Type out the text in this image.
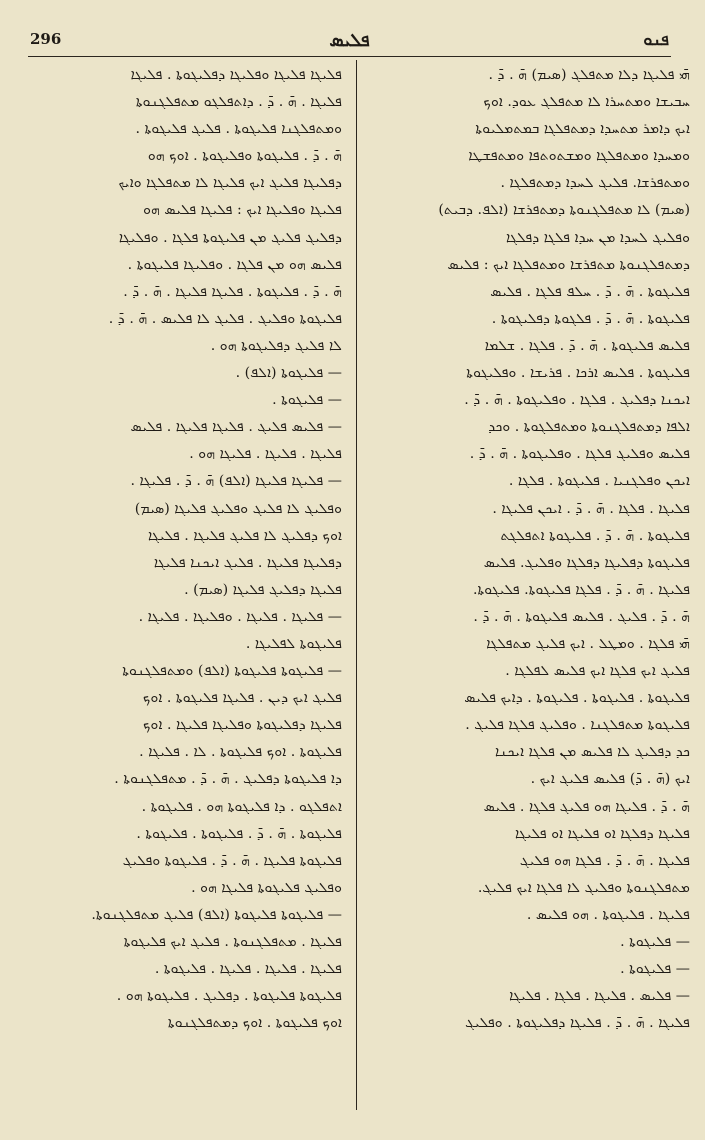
296	ܦܠܝܣ	ܦܢܘ
ܗ̄ܝ ܦܠܝܓܐ ܕܠܐ ܡܬܦܠܓ (ܣܝܡ) ܗ̄ . ܕ̄ .
ܚܒܝܫܐ ܘܡܬܚܪܐ ܠܐ ܡܬܦܠܓ ܥܘܕ. ܐܘܟ
ܐܝܟ ܕܐܡܪ ܡܬܚܕܐ ܕܡܬܦܠܓܐ ܒܡܬܡܠܝܘܬܐ
ܘܡܚܕܐ ܘܡܬܦܠܓܐ ܘܡܫܬܘܬܦܐ ܘܡܬܦܫܛܐ
ܘܡܬܦܪܫܐ. ܦܠܝܓ ܠܚܕܐ ܕܡܬܦܠܓܐ .
(ܣܝܡ) ܠܐ ܡܬܦܠܓܢܘܬܐ ܕܡܬܦܪܫܐ (ܐܠܦ. ܕܒܝܬ)
ܘܦܠܝܓ ܠܚܕܐ ܡܢ ܚܕܐ ܦܠܓܐ ܕܦܠܓܐ
ܕܡܬܦܠܓܢܘܬܐ ܡܬܦܪܫܐ ܘܡܬܦܠܓܐ ܐܝܟ : ܦܠܝܣ
ܦܠܝܓܘܬܐ . ܗ̄ . ܕ̄ . ܚܠܦ ܦܠܓܐ . ܦܠܝܣ
ܦܠܝܓܘܬܐ . ܗ̄ . ܕ̄ . ܦܠܓܘܬܐ ܕܦܠܝܓܘܬܐ .
ܦܠܝܣ ܦܠܝܓܘܬܐ . ܗ̄ . ܕ̄ . ܦܠܓܐ . ܫܠܡܐ
ܦܠܝܓܘܬܐ . ܦܠܝܣ ܐܪܟܐ . ܦܪܝܫܐ . ܘܦܠܝܓܘܬܐ
ܐܝܟܢܐ ܕܦܠܝܓ . ܦܠܓܐ . ܘܦܠܝܓܘܬܐ . ܗ̄ . ܕ̄ .
ܐܠܦܐ ܕܡܬܦܠܓܢܘܬܐ ܘܡܬܦܠܓܘܬܐ . ܘܟܕ
ܦܠܝܣ ܘܦܠܝܓ ܦܠܓܐ . ܘܦܠܝܓܘܬܐ . ܗ̄ . ܕ̄ .
ܐܝܟܢ ܘܦܠܓܢܝܐ . ܦܠܝܓܘܬܐ . ܦܠܓܐ .
ܦܠܝܓܐ . ܦܠܓܐ . ܗ̄ . ܕ̄ . ܐܝܟܢ ܦܠܝܓܐ .
ܦܠܝܓܘܬܐ . ܗ̄ . ܕ̄ . ܦܠܝܓܘܬܐ ܐܬܦܠܓܬ
ܦܠܝܓܘܬܐ ܕܦܠܝܓܐ ܕܦܠܓܐ ܘܦܠܝܓ. ܦܠܝܣ
ܦܠܝܓܐ . ܗ̄ . ܕ̄ . ܦܠܓܐ ܦܠܝܓܘܬܐ. ܦܠܝܓܘܬܐ.
ܗ̄ . ܕ̄ . ܦܠܝܓ . ܦܠܝܣ ܦܠܝܓܘܬܐ . ܗ̄ . ܕ̄ .
ܗ̄ܝ ܦܠܓܐ . ܘܡܛܠ . ܐܝܟ ܦܠܝܓ ܡܬܦܠܓܐ
ܦܠܝܓ ܐܝܟ ܦܠܓܐ ܐܝܟ ܦܠܝܣ ܠܦܠܓܐ .
ܦܠܝܓܘܬܐ . ܦܠܝܓܘܬܐ . ܦܠܝܓܘܬܐ . ܕܐܝܟ ܦܠܝܣ
ܦܠܝܓܘܬܐ ܡܬܦܠܓܢܐ . ܘܦܠܝܓ ܦܠܓܐ ܦܠܝܓ .
ܟܕ ܕܦܠܝܓ ܠܐ ܦܠܝܣ ܡܢ ܦܠܓܐ ܐܝܟܢܐ
ܐܝܟ (ܗ̄ . ܕ̄) ܦܠܝܣ ܦܠܝܓ ܐܝܟ .
ܗ̄ . ܕ̄ . ܦܠܝܓܐ ܗܘ ܦܠܝܓ ܦܠܓܐ . ܦܠܝܣ
ܦܠܝܓܐ ܕܦܠܓܐ ܐܘ ܦܠܝܓܐ ܐܘ ܦܠܝܓܐ
ܦܠܝܓܐ . ܗ̄ . ܕ̄ . ܦܠܓܐ ܗܘ ܦܠܝܓ
ܡܬܦܠܓܢܘܬܐ ܘܦܠܝܓ ܠܐ ܦܠܓܐ ܐܝܟ ܦܠܝܓ.
ܦܠܝܓܐ . ܦܠܝܓܘܬܐ . ܗܘ ܦܠܝܣ .
— ܦܠܝܓܘܬܐ .
— ܦܠܝܓܘܬܐ .
— ܦܠܝܣ . ܦܠܝܓܐ . ܦܠܓܐ . ܦܠܝܓܐ
ܦܠܝܓܐ . ܗ̄ . ܕ̄ . ܦܠܝܓܐ ܕܦܠܝܓܘܬܐ . ܘܦܠܝܓ
ܦܠܝܓܐ ܦܠܝܓܐ ܘܦܠܝܓܐ ܕܦܠܝܓܘܬܐ . ܦܠܝܓܐ
ܦܠܝܓܐ . ܗ̄ . ܕ̄ . ܕܐܬܦܠܓܘ ܡܬܦܠܓܢܘܬܐ
ܘܡܬܦܠܓܢܐ ܦܠܝܓܘܬܐ . ܦܠܝܓ ܦܠܝܓܘܬܐ .
ܗ̄ . ܕ̄ . ܦܠܝܓܘܬܐ ܘܦܠܝܓܘܬܐ . ܐܘܟ ܗܘ
ܕܦܠܝܓܐ ܦܠܝܓ ܐܝܟ ܦܠܝܓܐ ܠܐ ܡܬܦܠܓܐ ܘܐܝܟ
ܦܠܝܓܐ ܘܦܠܝܓܐ ܐܝܟ : ܦܠܝܓܐ ܦܠܝܣ ܗܘ
ܕܦܠܝܓ ܦܠܝܓ ܡܢ ܦܠܝܓܘܬܐ ܦܠܓܐ . ܘܦܠܝܓܐ
ܦܠܝܣ ܗܘ ܡܢ ܦܠܓܐ . ܘܦܠܝܓܐ ܦܠܝܓܘܬܐ .
ܗ̄ . ܕ̄ . ܦܠܝܓܘܬܐ . ܦܠܝܓܐ ܦܠܝܓܐ . ܗ̄ . ܕ̄ .
ܦܠܝܓܘܬܐ ܘܦܠܝܓ . ܦܠܝܓ ܠܐ ܦܠܝܣ . ܗ̄ . ܕ̄ .
ܠܐ ܦܠܝܓ ܕܦܠܝܓܘܬܐ ܗܘ .
— ܦܠܝܓܘܬܐ (ܐܠܦ) .
— ܦܠܝܓܘܬܐ .
— ܦܠܝܣ ܦܠܝܓ . ܦܠܝܓܐ ܦܠܝܓܐ . ܦܠܝܣ
ܦܠܝܓܐ . ܦܠܝܓܐ . ܦܠܝܓܐ ܗܘ .
— ܦܠܝܓܐ ܦܠܝܓܐ (ܐܠܦ) ܗ̄ . ܕ̄ . ܦܠܝܓܐ .
ܘܦܠܝܓ ܠܐ ܦܠܝܓ ܘܦܠܝܓ ܦܠܝܓܐ (ܣܝܡ)
ܐܘܟ ܕܦܠܝܓ ܠܐ ܦܠܝܓ ܦܠܝܓܐ . ܦܠܝܓܐ
ܕܦܠܝܓܐ ܦܠܝܓܐ . ܦܠܝܓ ܐܝܟܢܐ ܦܠܝܓܐ
ܦܠܝܓܐ ܕܦܠܝܓ ܦܠܝܓܐ (ܣܝܡ) .
— ܦܠܝܓܐ . ܦܠܝܓܐ . ܘܦܠܝܓܐ . ܦܠܝܓܐ .
ܦܠܝܓܘܬܐ ܠܦܠܝܓܐ .
— ܦܠܝܓܘܬܐ ܦܠܝܓܘܬܐ (ܐܠܦ) ܘܡܬܦܠܓܢܘܬܐ
ܦܠܝܓ ܐܝܟ ܕܝܢ . ܦܠܝܓܐ ܦܠܝܓܘܬܐ . ܐܘܟ
ܦܠܝܓܐ ܕܦܠܝܓܘܬܐ ܘܦܠܝܓܐ ܦܠܝܓܐ . ܐܘܟ
ܦܠܝܓܘܬܐ . ܐܘܟ ܦܠܝܓܘܬܐ . ܠܐ . ܦܠܝܓܐ .
ܕܐ ܦܠܝܓܘܬܐ ܕܦܠܝܓ . ܗ̄ . ܕ̄ . ܡܬܦܠܓܢܘܬܐ .
ܐܬܦܠܓܘ . ܕܐ ܦܠܝܓܘܬܐ ܗܘ . ܦܠܝܓܘܬܐ .
ܦܠܝܓܘܬܐ . ܗ̄ . ܕ̄ . ܦܠܝܓܘܬܐ . ܦܠܝܓܘܬܐ .
ܦܠܝܓܘܬܐ ܦܠܝܓܐ . ܗ̄ . ܕ̄ . ܦܠܝܓܘܬܐ ܘܦܠܝܓ
ܘܦܠܝܓ ܦܠܝܓܘܬܐ ܦܠܝܓܐ ܗܘ .
— ܦܠܝܓܘܬܐ ܦܠܝܓܘܬܐ (ܐܠܦ) ܦܠܝܓ ܡܬܦܠܓܢܘܬܐ.
ܦܠܝܓܐ . ܡܬܦܠܓܢܘܬܐ . ܦܠܝܓ ܐܝܟ ܦܠܝܓܘܬܐ
ܦܠܝܓܐ . ܦܠܝܓܐ . ܦܠܝܓܐ . ܦܠܝܓܘܬܐ .
ܦܠܝܓܘܬܐ ܦܠܝܓܘܬܐ . ܕܦܠܝܓ . ܦܠܝܓܘܬܐ ܗܘ .
ܐܘܟ ܦܠܝܓܘܬܐ . ܐܘܟ ܕܡܬܦܠܓܢܘܬܐ
